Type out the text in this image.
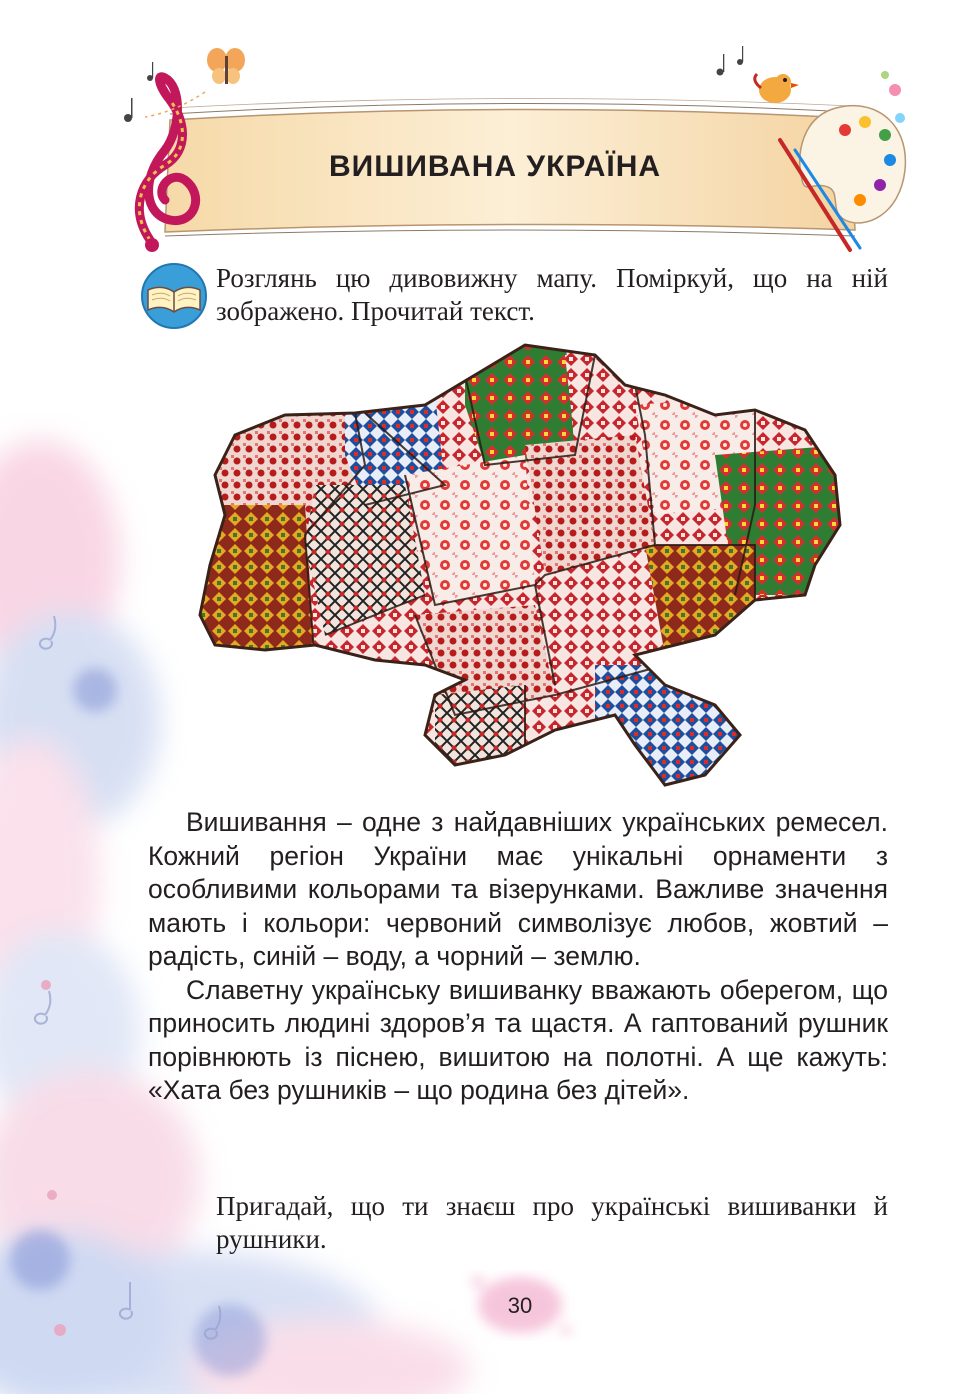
ВИШИВАНА УКРАЇНА

Розглянь цю дивовижну мапу. Поміркуй, що на ній зображено. Прочитай текст.

Вишивання – одне з найдавніших українських ремесел. Кожний регіон України має унікальні орнаменти з особливими кольорами та візерунками. Важливе значення мають і кольори: червоний символізує любов, жовтий – радість, синій – воду, а чорний – землю.

Славетну українську вишиванку вважають оберегом, що приносить людині здоров’я та щастя. А гаптований рушник порівнюють із піснею, вишитою на полотні. А ще кажуть: «Хата без рушників – що родина без дітей».

Пригадай, що ти знаєш про українські вишиванки й рушники.

30
